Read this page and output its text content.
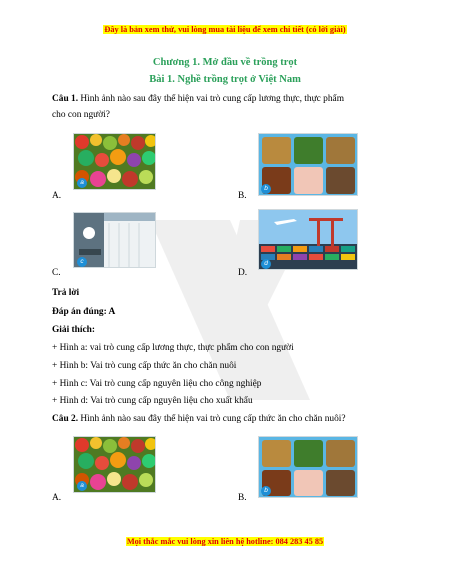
Đây là bản xem thử, vui lòng mua tài liệu để xem chi tiết (có lời giải)
Chương 1. Mở đầu về trồng trọt
Bài 1. Nghề trồng trọt ở Việt Nam
Câu 1. Hình ảnh nào sau đây thể hiện vai trò cung cấp lương thực, thực phẩm
cho con người?
a
A.
b
B.
c
C.
d
D.
Trả lời
Đáp án đúng: A
Giải thích:
+ Hình a: vai trò cung cấp lương thực, thực phẩm cho con người
+ Hình b: Vai trò cung cấp thức ăn cho chăn nuôi
+ Hình c: Vai trò cung cấp nguyên liệu cho công nghiệp
+ Hình d: Vai trò cung cấp nguyên liệu cho xuất khẩu
Câu 2. Hình ảnh nào sau đây thể hiện vai trò cung cấp thức ăn cho chăn nuôi?
a
A.
b
B.
Mọi thắc mắc vui lòng xin liên hệ hotline: 084 283 45 85
